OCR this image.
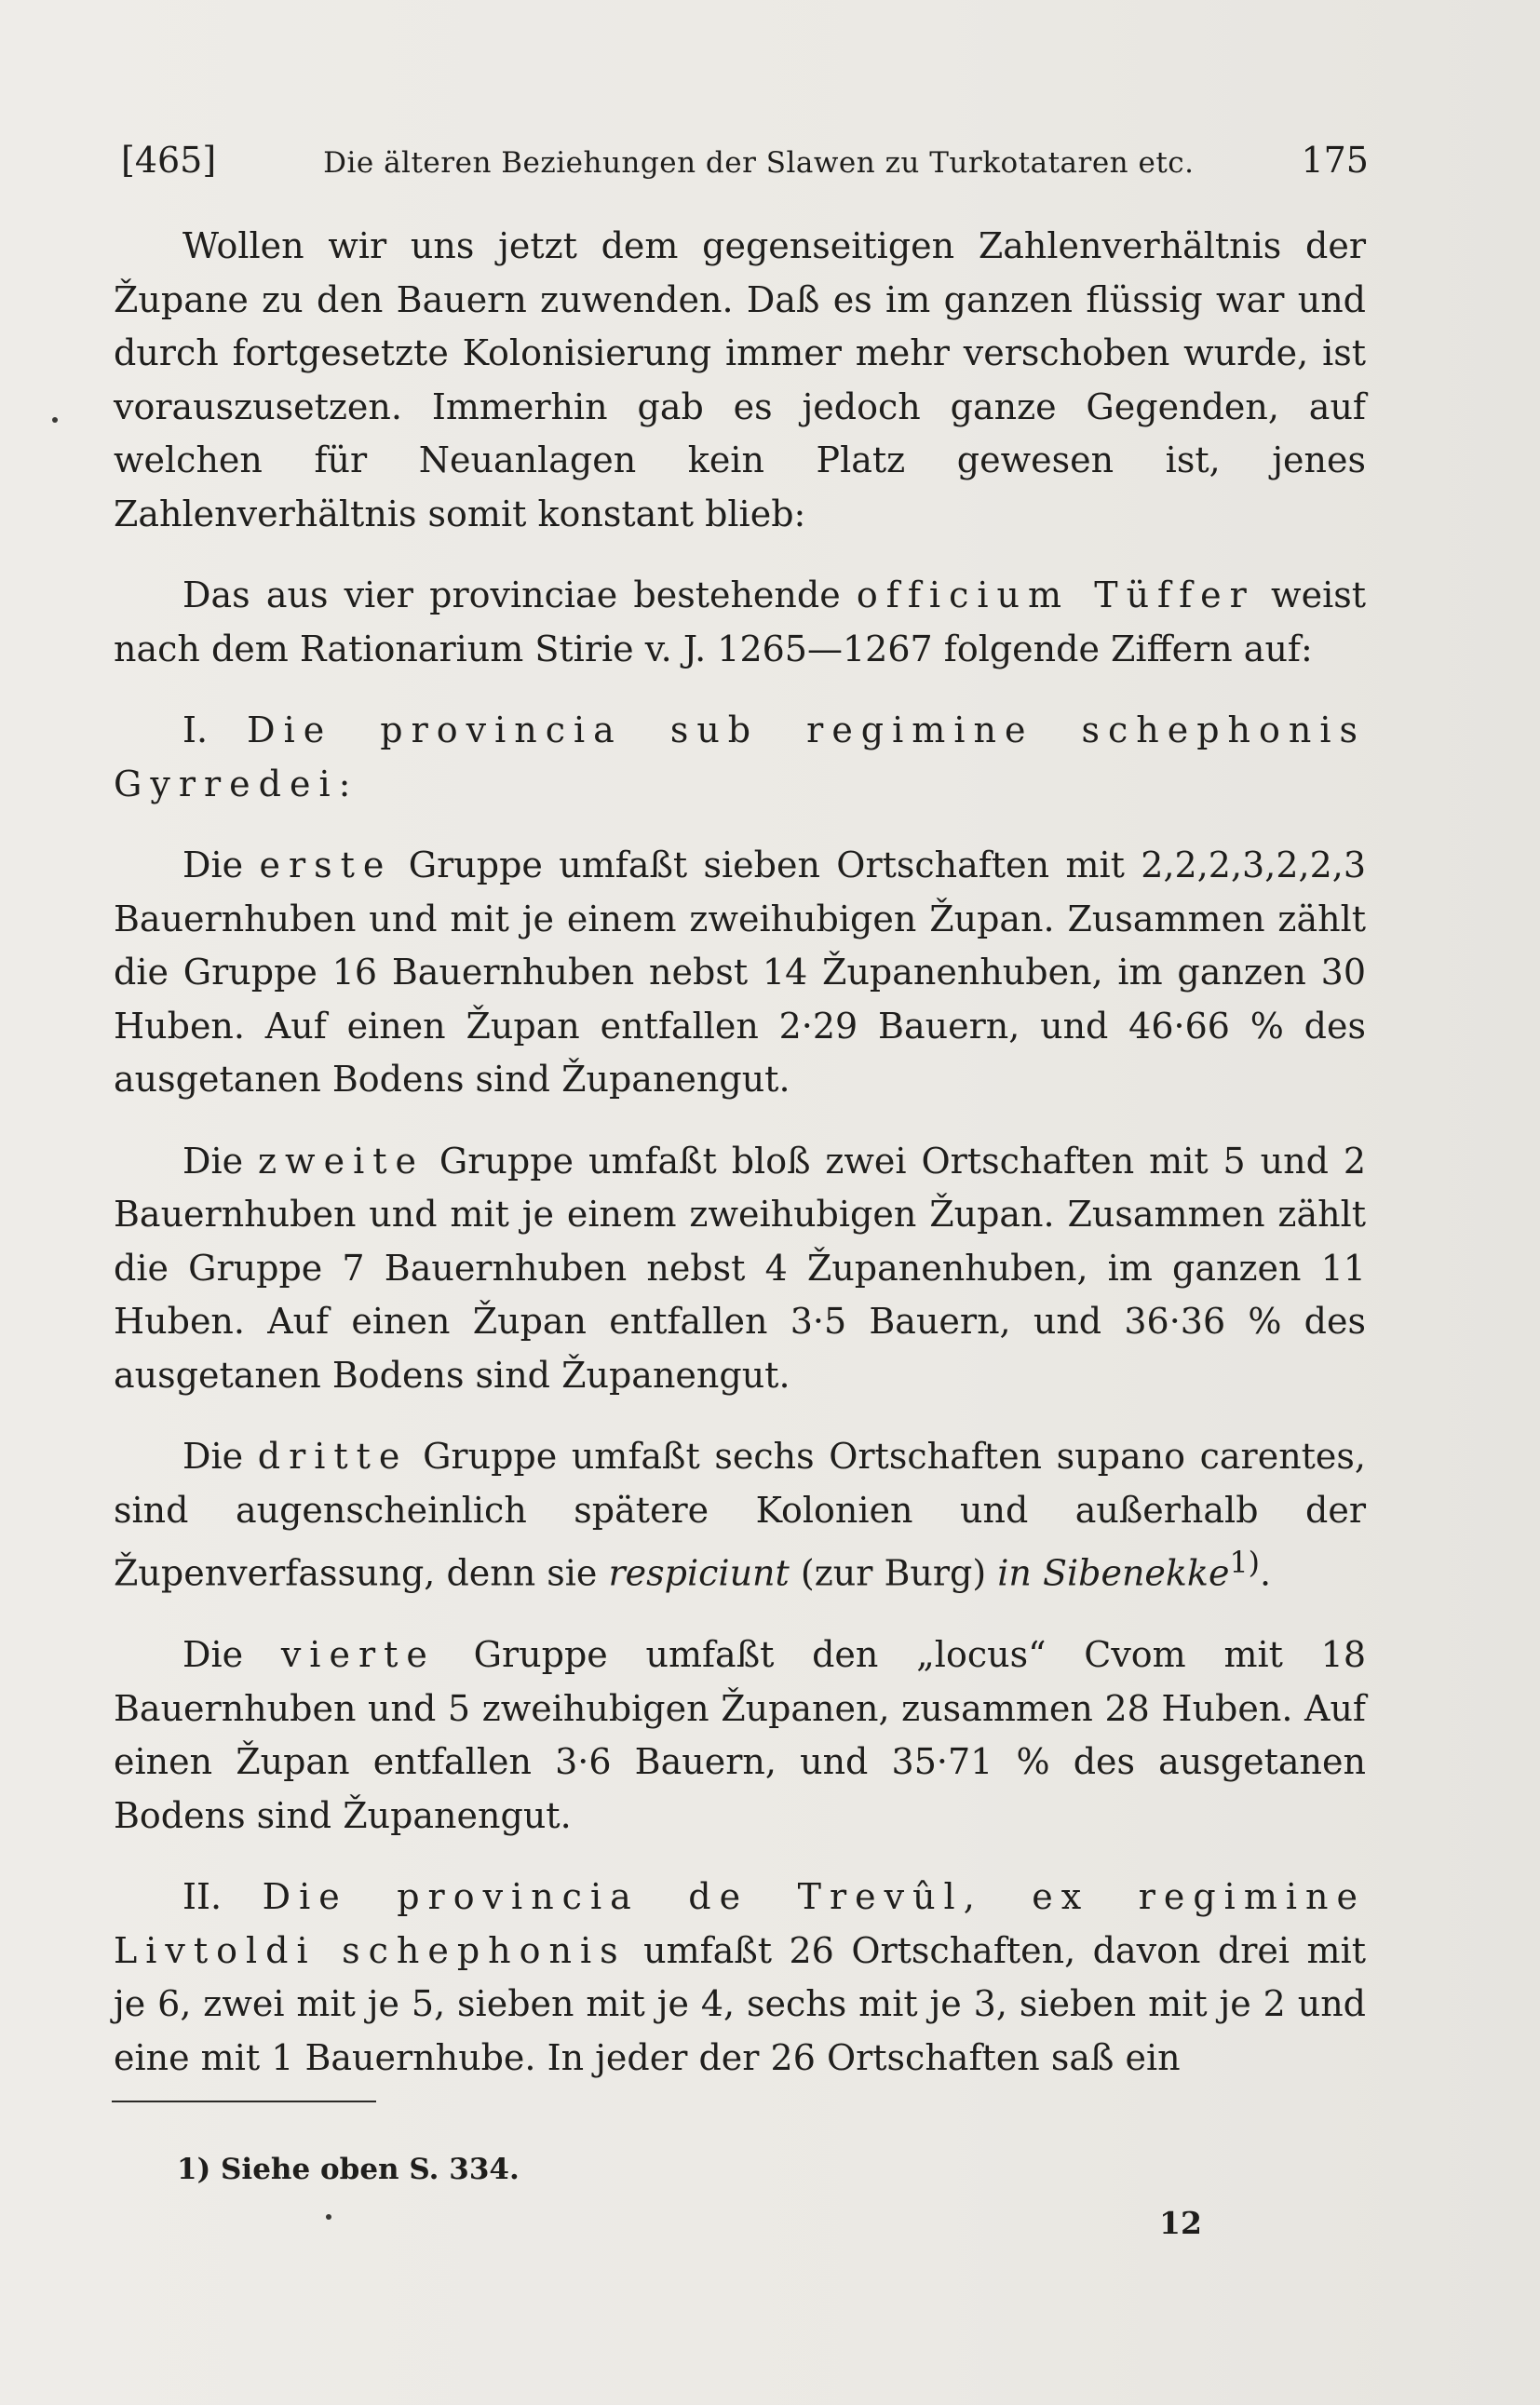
[465]	Die älteren Beziehungen der Slawen zu Turkotataren etc.	175

Wollen wir uns jetzt dem gegenseitigen Zahlenverhältnis der Župane zu den Bauern zuwenden. Daß es im ganzen flüssig war und durch fortgesetzte Kolonisierung immer mehr verschoben wurde, ist vorauszusetzen. Immerhin gab es jedoch ganze Gegenden, auf welchen für Neuanlagen kein Platz gewesen ist, jenes Zahlenverhältnis somit konstant blieb:

Das aus vier provinciae bestehende officium Tüffer weist nach dem Rationarium Stirie v. J. 1265—1267 folgende Ziffern auf:

I. Die provincia sub regimine schephonis Gyrredei:

Die erste Gruppe umfaßt sieben Ortschaften mit 2,2,2,3,2,2,3 Bauernhuben und mit je einem zweihubigen Župan. Zusammen zählt die Gruppe 16 Bauernhuben nebst 14 Županenhuben, im ganzen 30 Huben. Auf einen Župan entfallen 2·29 Bauern, und 46·66 % des ausgetanen Bodens sind Županengut.

Die zweite Gruppe umfaßt bloß zwei Ortschaften mit 5 und 2 Bauernhuben und mit je einem zweihubigen Župan. Zusammen zählt die Gruppe 7 Bauernhuben nebst 4 Županenhuben, im ganzen 11 Huben. Auf einen Župan entfallen 3·5 Bauern, und 36·36 % des ausgetanen Bodens sind Županengut.

Die dritte Gruppe umfaßt sechs Ortschaften supano carentes, sind augenscheinlich spätere Kolonien und außerhalb der Župenverfassung, denn sie respiciunt (zur Burg) in Sibenekke$^{1)}$.

Die vierte Gruppe umfaßt den „locus“ Cvom mit 18 Bauernhuben und 5 zweihubigen Županen, zusammen 28 Huben. Auf einen Župan entfallen 3·6 Bauern, und 35·71 % des ausgetanen Bodens sind Županengut.

II. Die provincia de Trevûl, ex regimine Livtoldi schephonis umfaßt 26 Ortschaften, davon drei mit je 6, zwei mit je 5, sieben mit je 4, sechs mit je 3, sieben mit je 2 und eine mit 1 Bauernhube. In jeder der 26 Ortschaften saß ein

1) Siehe oben S. 334.
12
